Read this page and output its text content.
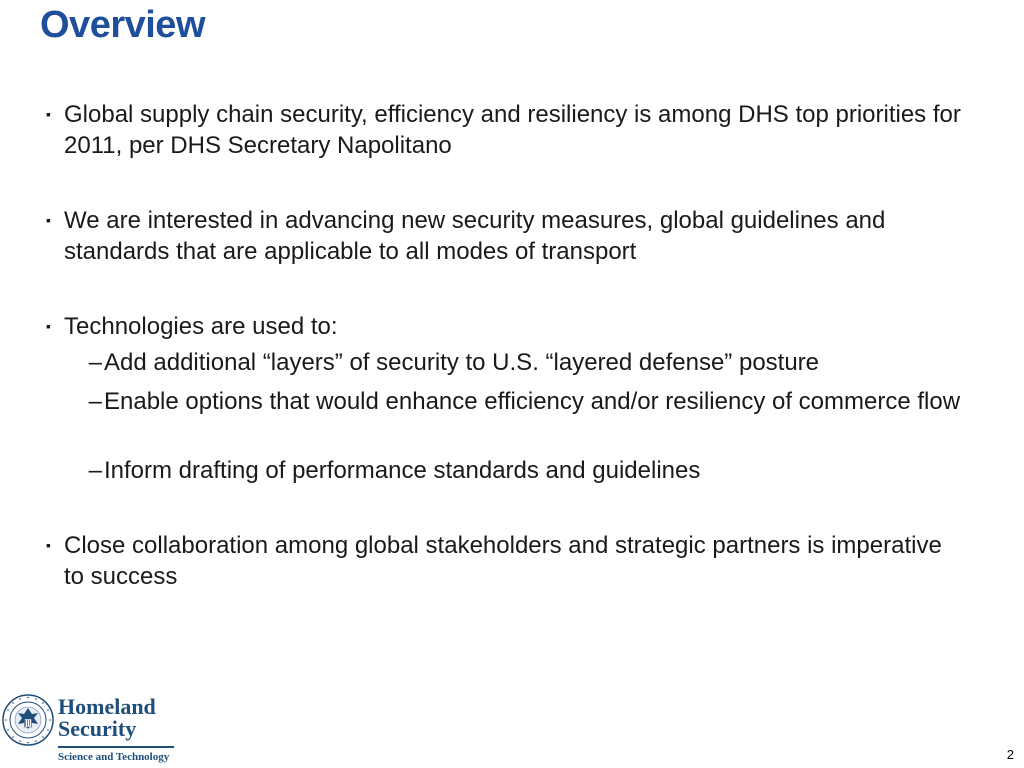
Overview
▪ Global supply chain security, efficiency and resiliency is among DHS top priorities for 2011, per DHS Secretary Napolitano
▪ We are interested in advancing new security measures, global guidelines and standards that are applicable to all modes of transport
▪ Technologies are used to:
– Add additional “layers” of security to U.S. “layered defense” posture
– Enable options that would enhance efficiency and/or resiliency of commerce flow
– Inform drafting of performance standards and guidelines
▪ Close collaboration among global stakeholders and strategic partners is imperative to success
Homeland
Security
Science and Technology	2
